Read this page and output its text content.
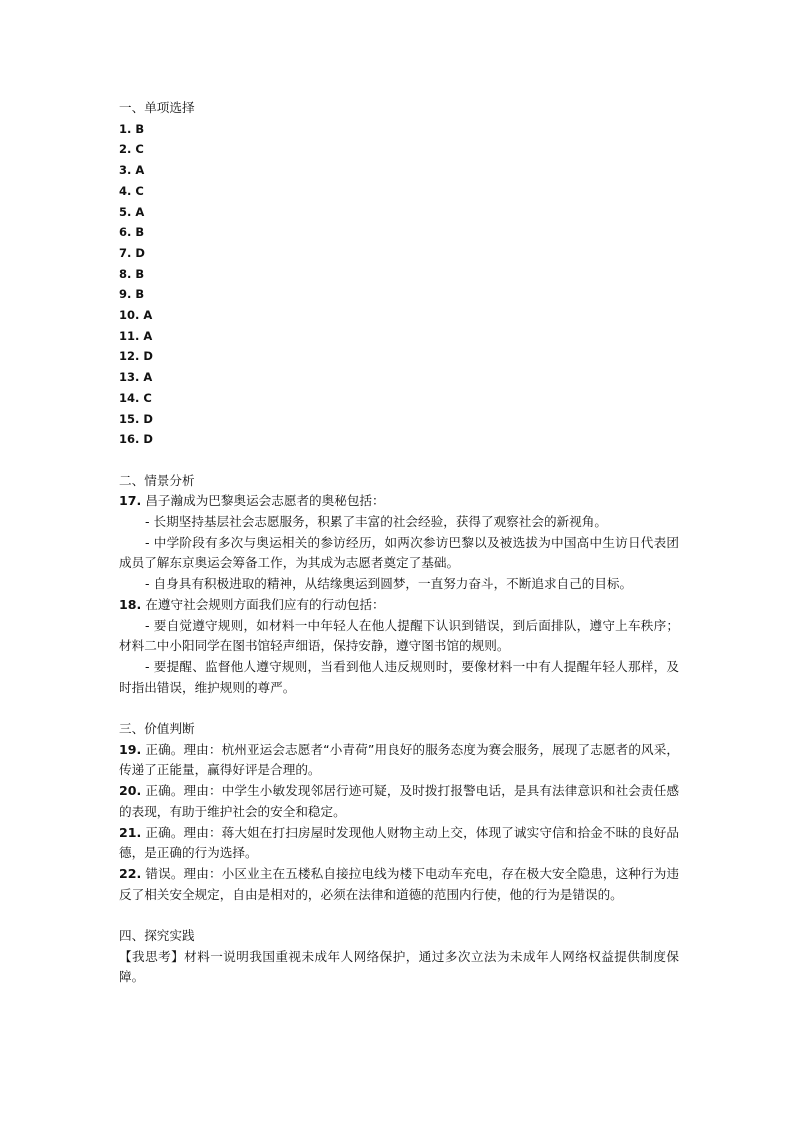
一、单项选择

1. B
2. C
3. A
4. C
5. A
6. B
7. D
8. B
9. B
10. A
11. A
12. D
13. A
14. C
15. D
16. D

二、情景分析

17. 昌子瀚成为巴黎奥运会志愿者的奥秘包括：

- 长期坚持基层社会志愿服务，积累了丰富的社会经验，获得了观察社会的新视角。

- 中学阶段有多次与奥运相关的参访经历，如两次参访巴黎以及被选拔为中国高中生访日代表团成员了解东京奥运会筹备工作，为其成为志愿者奠定了基础。

- 自身具有积极进取的精神，从结缘奥运到圆梦，一直努力奋斗，不断追求自己的目标。

18. 在遵守社会规则方面我们应有的行动包括：

- 要自觉遵守规则，如材料一中年轻人在他人提醒下认识到错误，到后面排队，遵守上车秩序；材料二中小阳同学在图书馆轻声细语，保持安静，遵守图书馆的规则。

- 要提醒、监督他人遵守规则，当看到他人违反规则时，要像材料一中有人提醒年轻人那样，及时指出错误，维护规则的尊严。

三、价值判断

19. 正确。理由：杭州亚运会志愿者“小青荷”用良好的服务态度为赛会服务，展现了志愿者的风采，传递了正能量，赢得好评是合理的。

20. 正确。理由：中学生小敏发现邻居行迹可疑，及时拨打报警电话，是具有法律意识和社会责任感的表现，有助于维护社会的安全和稳定。

21. 正确。理由：蒋大姐在打扫房屋时发现他人财物主动上交，体现了诚实守信和拾金不昧的良好品德，是正确的行为选择。

22. 错误。理由：小区业主在五楼私自接拉电线为楼下电动车充电，存在极大安全隐患，这种行为违反了相关安全规定，自由是相对的，必须在法律和道德的范围内行使，他的行为是错误的。

四、探究实践

【我思考】材料一说明我国重视未成年人网络保护，通过多次立法为未成年人网络权益提供制度保障。
